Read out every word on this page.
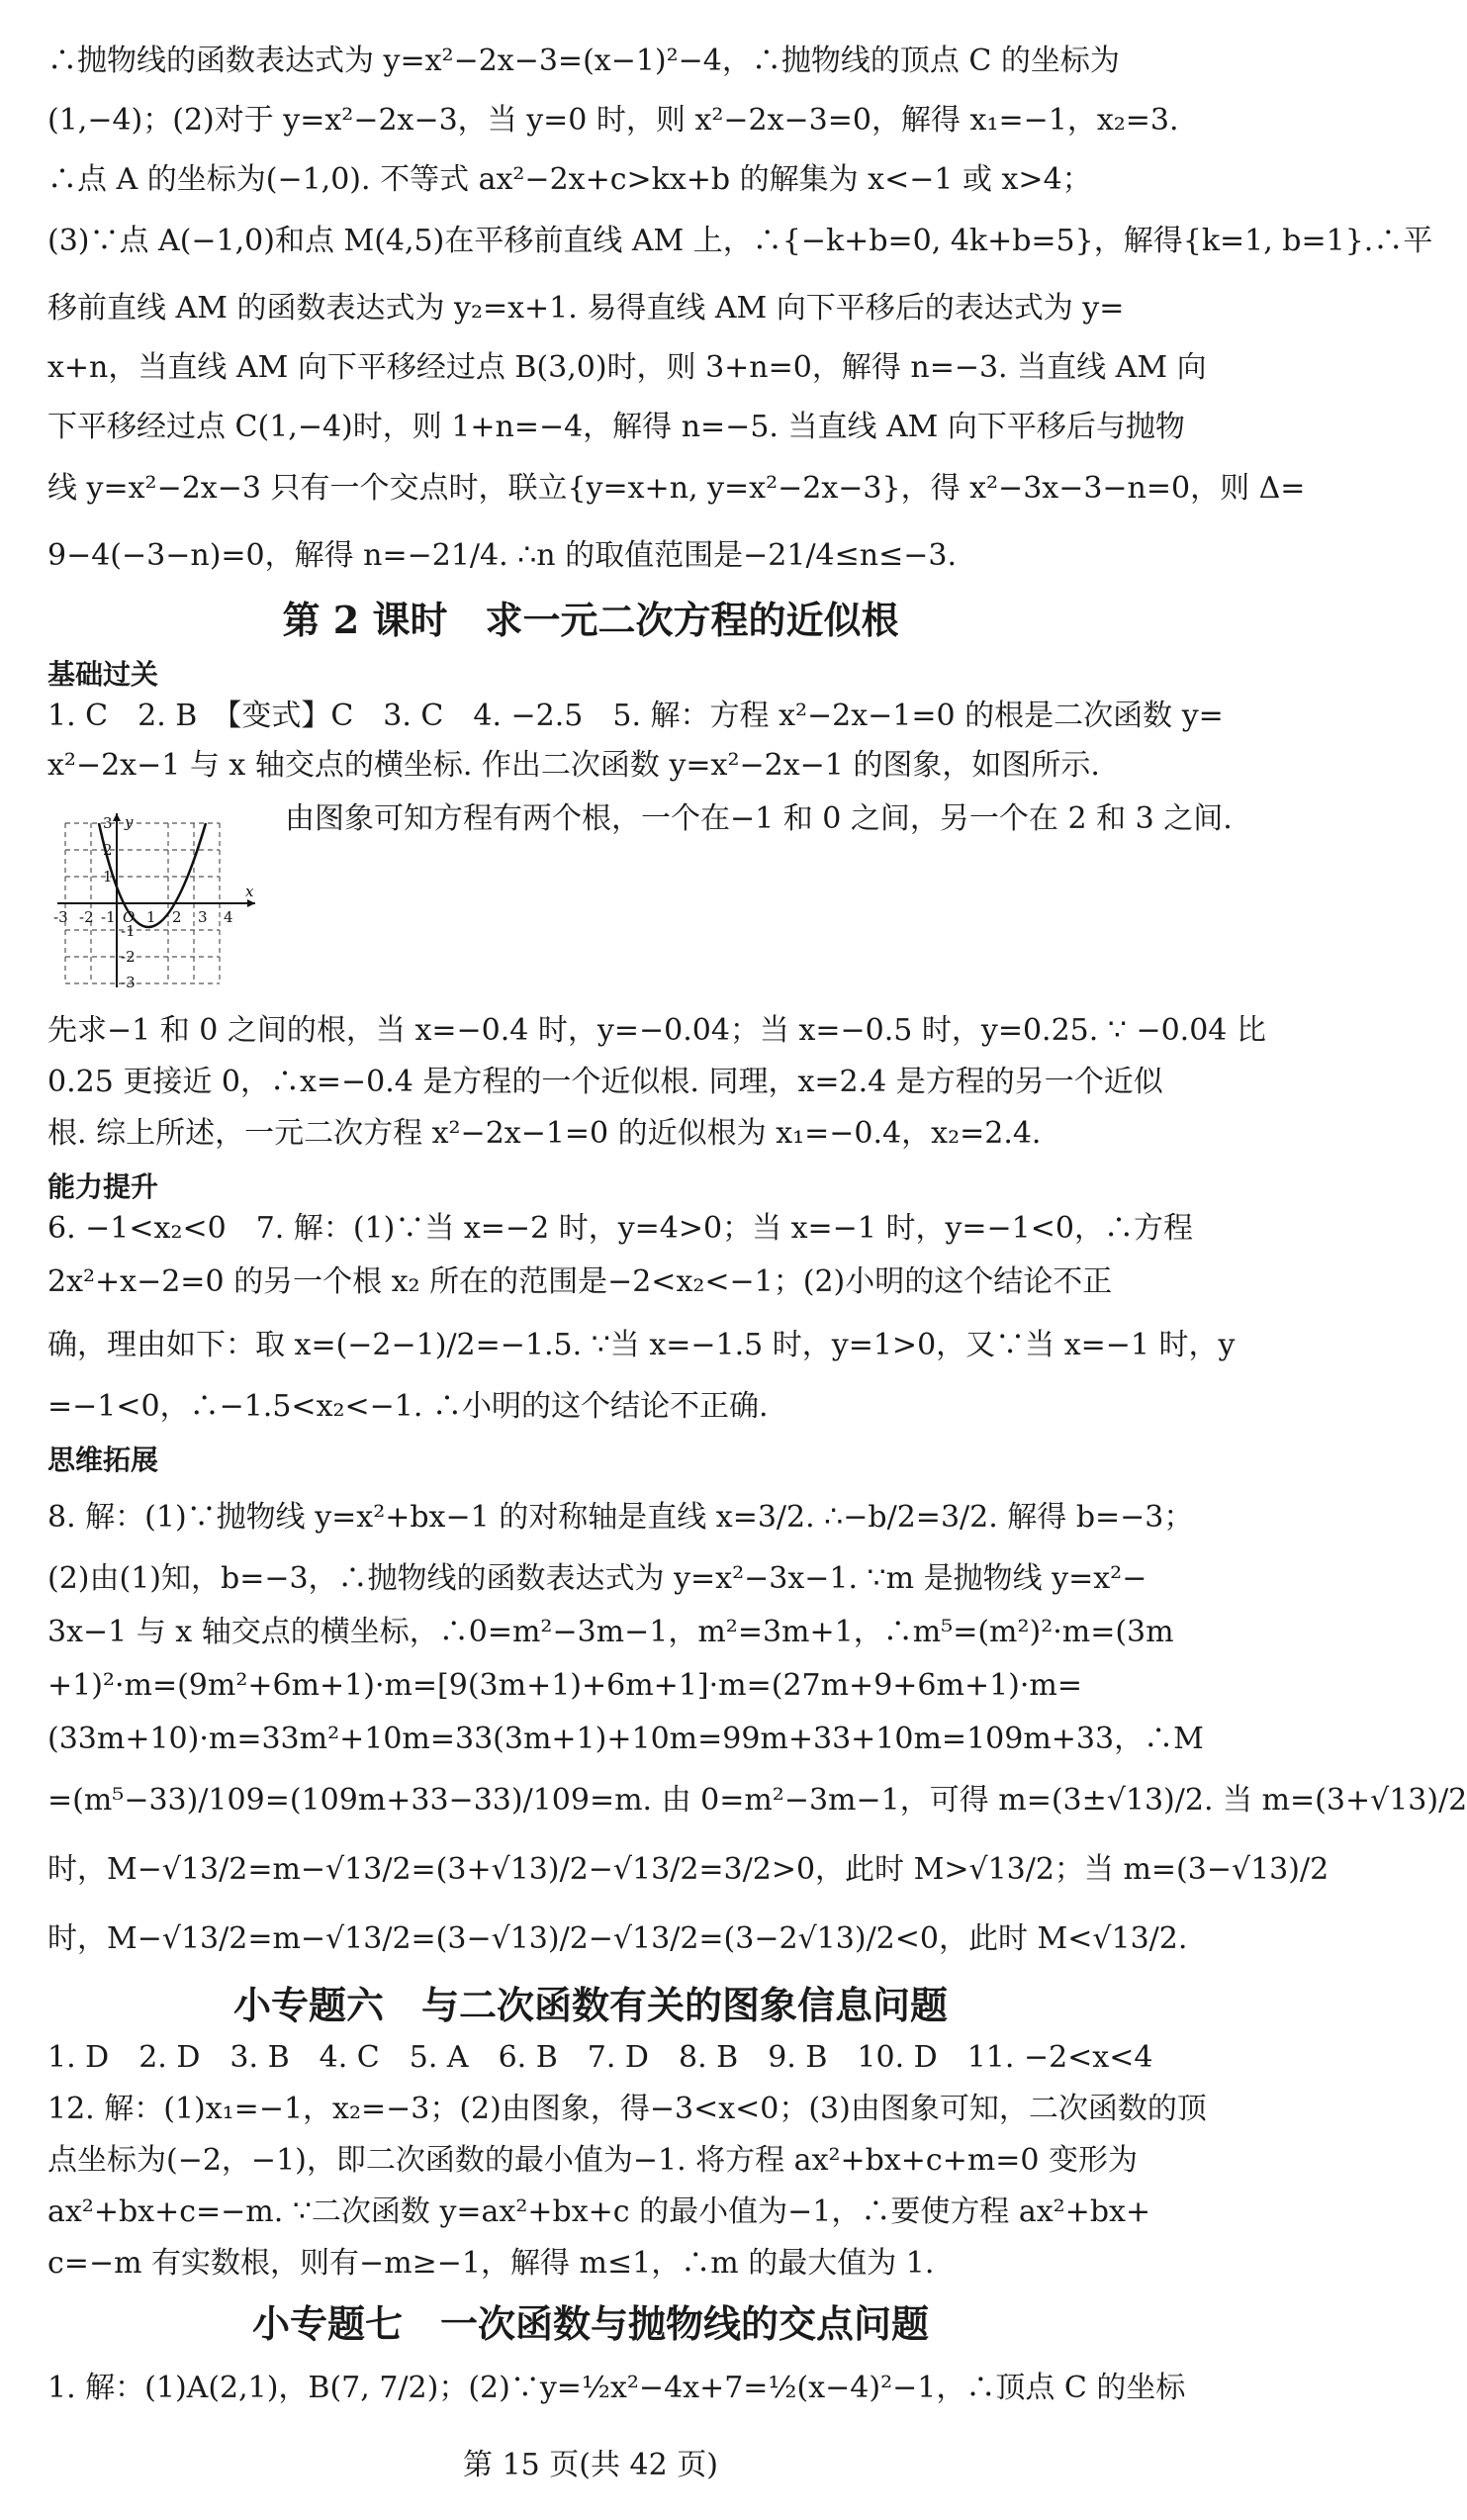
∴抛物线的函数表达式为 y=x²−2x−3=(x−1)²−4，∴抛物线的顶点 C 的坐标为
(1,−4)；(2)对于 y=x²−2x−3，当 y=0 时，则 x²−2x−3=0，解得 x₁=−1，x₂=3.
∴点 A 的坐标为(−1,0). 不等式 ax²−2x+c>kx+b 的解集为 x<−1 或 x>4；
(3)∵点 A(−1,0)和点 M(4,5)在平移前直线 AM 上，∴{−k+b=0, 4k+b=5}，解得{k=1, b=1}.∴平
移前直线 AM 的函数表达式为 y₂=x+1. 易得直线 AM 向下平移后的表达式为 y=
x+n，当直线 AM 向下平移经过点 B(3,0)时，则 3+n=0，解得 n=−3. 当直线 AM 向
下平移经过点 C(1,−4)时，则 1+n=−4，解得 n=−5. 当直线 AM 向下平移后与抛物
线 y=x²−2x−3 只有一个交点时，联立{y=x+n, y=x²−2x−3}，得 x²−3x−3−n=0，则 Δ=
9−4(−3−n)=0，解得 n=−21/4. ∴n 的取值范围是−21/4≤n≤−3.
第 2 课时　求一元二次方程的近似根
基础过关
1. C　2. B　【变式】C　3. C　4. −2.5　5. 解：方程 x²−2x−1=0 的根是二次函数 y=
x²−2x−1 与 x 轴交点的横坐标. 作出二次函数 y=x²−2x−1 的图象，如图所示.
由图象可知方程有两个根，一个在−1 和 0 之间，另一个在 2 和 3 之间.
-3 -2 -1 O 1 2 3 4
x
y
3
2
1
-1
-2
-3
先求−1 和 0 之间的根，当 x=−0.4 时，y=−0.04；当 x=−0.5 时，y=0.25. ∵ −0.04 比
0.25 更接近 0，∴x=−0.4 是方程的一个近似根. 同理，x=2.4 是方程的另一个近似
根. 综上所述，一元二次方程 x²−2x−1=0 的近似根为 x₁=−0.4，x₂=2.4.
能力提升
6. −1<x₂<0　7. 解：(1)∵当 x=−2 时，y=4>0；当 x=−1 时，y=−1<0，∴方程
2x²+x−2=0 的另一个根 x₂ 所在的范围是−2<x₂<−1；(2)小明的这个结论不正
确，理由如下：取 x=(−2−1)/2=−1.5. ∵当 x=−1.5 时，y=1>0，又∵当 x=−1 时，y
=−1<0，∴−1.5<x₂<−1. ∴小明的这个结论不正确.
思维拓展
8. 解：(1)∵抛物线 y=x²+bx−1 的对称轴是直线 x=3/2. ∴−b/2=3/2. 解得 b=−3；
(2)由(1)知，b=−3，∴抛物线的函数表达式为 y=x²−3x−1. ∵m 是抛物线 y=x²−
3x−1 与 x 轴交点的横坐标，∴0=m²−3m−1，m²=3m+1，∴m⁵=(m²)²·m=(3m
+1)²·m=(9m²+6m+1)·m=[9(3m+1)+6m+1]·m=(27m+9+6m+1)·m=
(33m+10)·m=33m²+10m=33(3m+1)+10m=99m+33+10m=109m+33，∴M
=(m⁵−33)/109=(109m+33−33)/109=m. 由 0=m²−3m−1，可得 m=(3±√13)/2. 当 m=(3+√13)/2
时，M−√13/2=m−√13/2=(3+√13)/2−√13/2=3/2>0，此时 M>√13/2；当 m=(3−√13)/2
时，M−√13/2=m−√13/2=(3−√13)/2−√13/2=(3−2√13)/2<0，此时 M<√13/2.
小专题六　与二次函数有关的图象信息问题
1. D　2. D　3. B　4. C　5. A　6. B　7. D　8. B　9. B　10. D　11. −2<x<4
12. 解：(1)x₁=−1，x₂=−3；(2)由图象，得−3<x<0；(3)由图象可知，二次函数的顶
点坐标为(−2，−1)，即二次函数的最小值为−1. 将方程 ax²+bx+c+m=0 变形为
ax²+bx+c=−m. ∵二次函数 y=ax²+bx+c 的最小值为−1，∴要使方程 ax²+bx+
c=−m 有实数根，则有−m≥−1，解得 m≤1，∴m 的最大值为 1.
小专题七　一次函数与抛物线的交点问题
1. 解：(1)A(2,1)，B(7, 7/2)；(2)∵y=½x²−4x+7=½(x−4)²−1，∴顶点 C 的坐标
第 15 页(共 42 页)
